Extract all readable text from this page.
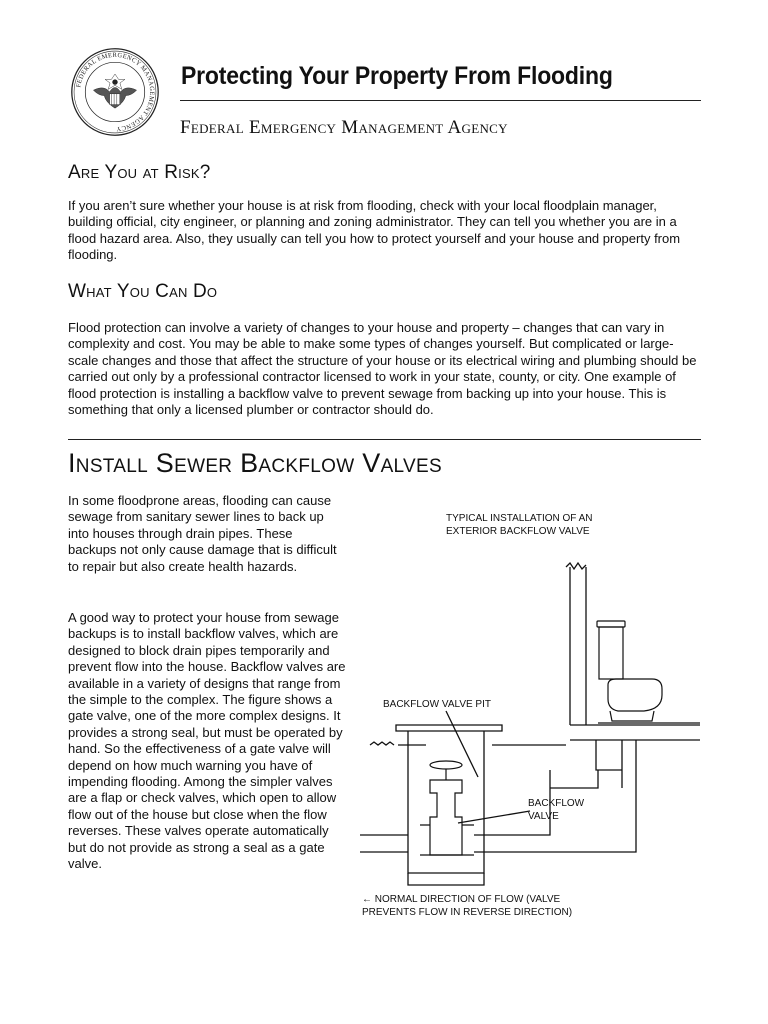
FEDERAL EMERGENCY MANAGEMENT AGENCY
Protecting Your Property From Flooding
Federal Emergency Management Agency
Are You at Risk?

If you aren’t sure whether your house is at risk from flooding, check with your local floodplain manager, building official, city engineer, or planning and zoning administrator. They can tell you whether you are in a flood hazard area. Also, they usually can tell you how to protect yourself and your house and property from flooding.

What You Can Do

Flood protection can involve a variety of changes to your house and property – changes that can vary in complexity and cost. You may be able to make some types of changes yourself. But complicated or large-scale changes and those that affect the structure of your house or its electrical wiring and plumbing should be carried out only by a professional contractor licensed to work in your state, county, or city. One example of flood protection is installing a backflow valve to prevent sewage from backing up into your house. This is something that only a licensed plumber or contractor should do.

Install Sewer Backflow Valves

In some floodprone areas, flooding can cause sewage from sanitary sewer lines to back up into houses through drain pipes. These backups not only cause damage that is difficult to repair but also create health hazards.

A good way to protect your house from sewage backups is to install backflow valves, which are designed to block drain pipes temporarily and prevent flow into the house. Backflow valves are available in a variety of designs that range from the simple to the complex. The figure shows a gate valve, one of the more complex designs. It provides a strong seal, but must be operated by hand. So the effectiveness of a gate valve will depend on how much warning you have of impending flooding. Among the simpler valves are a flap or check valves, which open to allow flow out of the house but close when the flow reverses. These valves operate automatically but do not provide as strong a seal as a gate valve.

TYPICAL INSTALLATION OF AN
EXTERIOR BACKFLOW VALVE

BACKFLOW VALVE PIT

BACKFLOW
VALVE

← NORMAL DIRECTION OF FLOW (VALVE
PREVENTS FLOW IN REVERSE DIRECTION)
